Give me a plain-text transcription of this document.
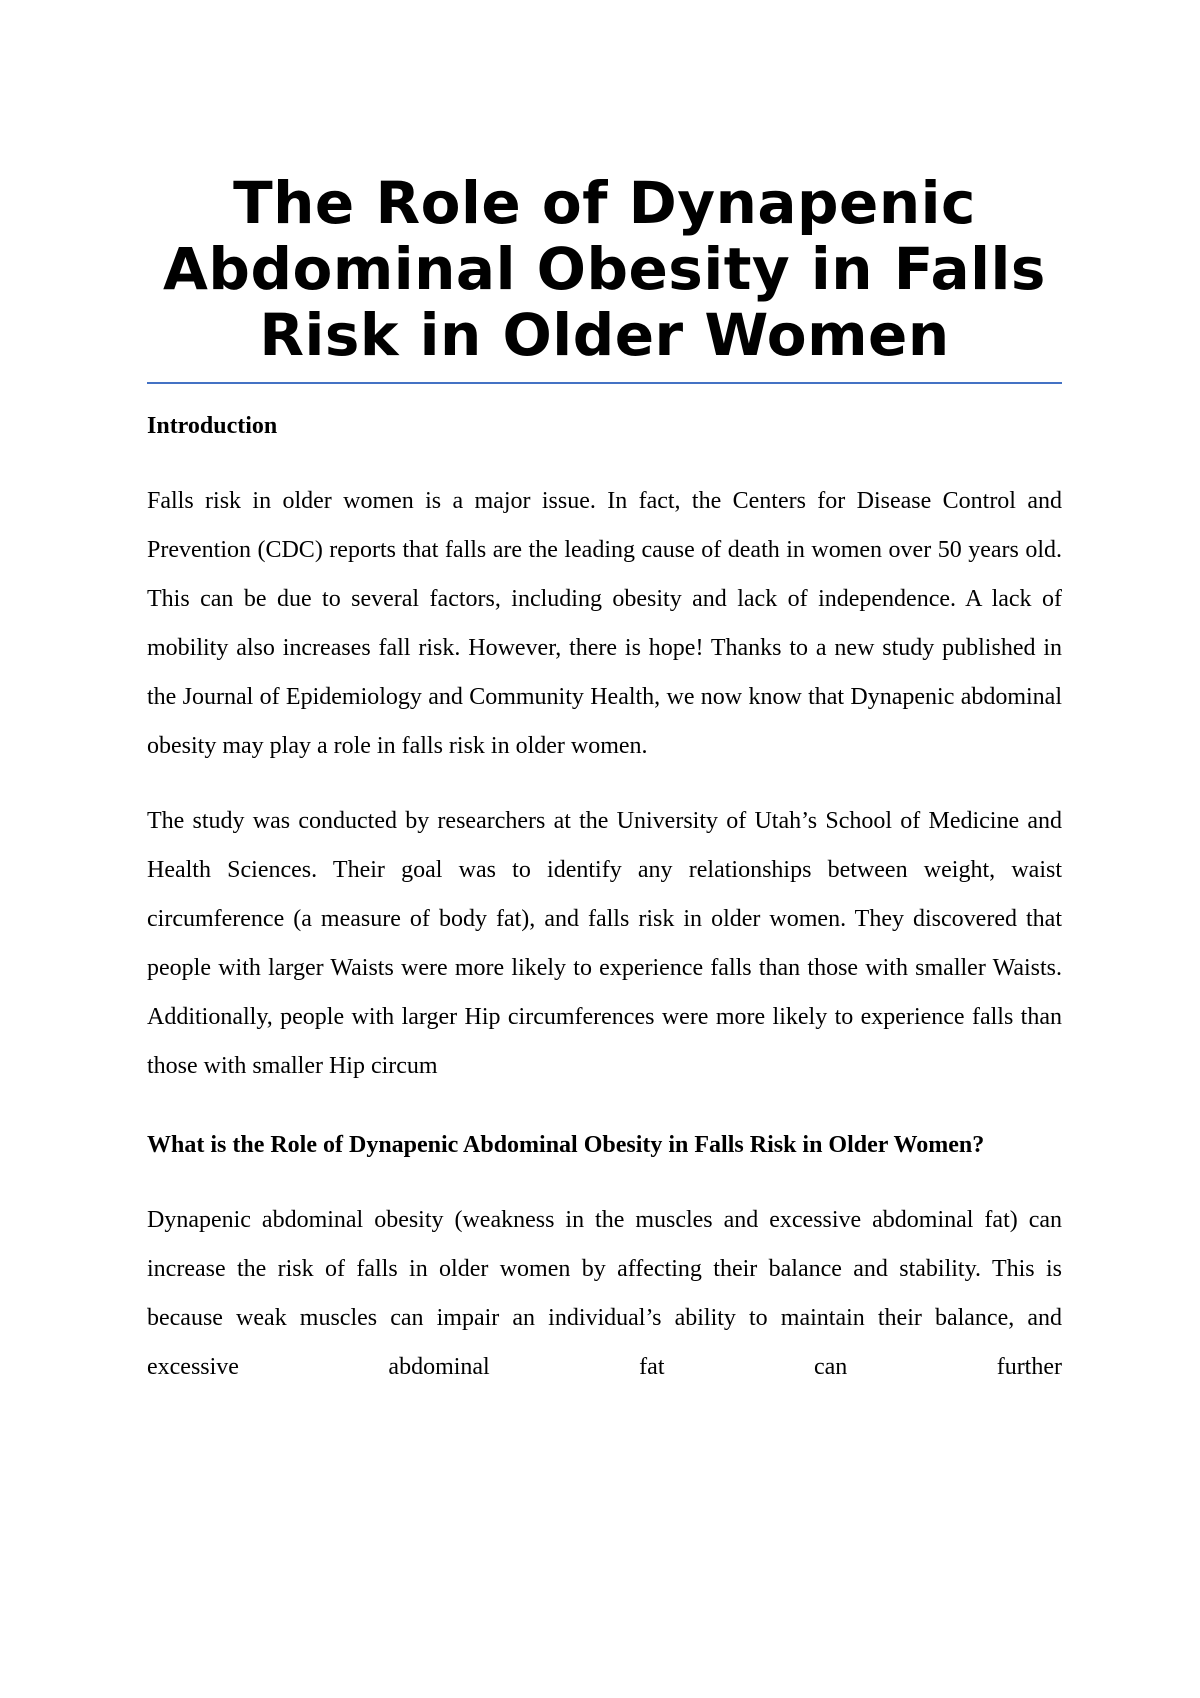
The Role of Dynapenic Abdominal Obesity in Falls Risk in Older Women
Introduction

Falls risk in older women is a major issue. In fact, the Centers for Disease Control and Prevention (CDC) reports that falls are the leading cause of death in women over 50 years old. This can be due to several factors, including obesity and lack of independence. A lack of mobility also increases fall risk. However, there is hope! Thanks to a new study published in the Journal of Epidemiology and Community Health, we now know that Dynapenic abdominal obesity may play a role in falls risk in older women.

The study was conducted by researchers at the University of Utah’s School of Medicine and Health Sciences. Their goal was to identify any relationships between weight, waist circumference (a measure of body fat), and falls risk in older women. They discovered that people with larger Waists were more likely to experience falls than those with smaller Waists. Additionally, people with larger Hip circumferences were more likely to experience falls than those with smaller Hip circum

What is the Role of Dynapenic Abdominal Obesity in Falls Risk in Older Women?

Dynapenic abdominal obesity (weakness in the muscles and excessive abdominal fat) can increase the risk of falls in older women by affecting their balance and stability. This is because weak muscles can impair an individual’s ability to maintain their balance, and excessive abdominal fat can further
